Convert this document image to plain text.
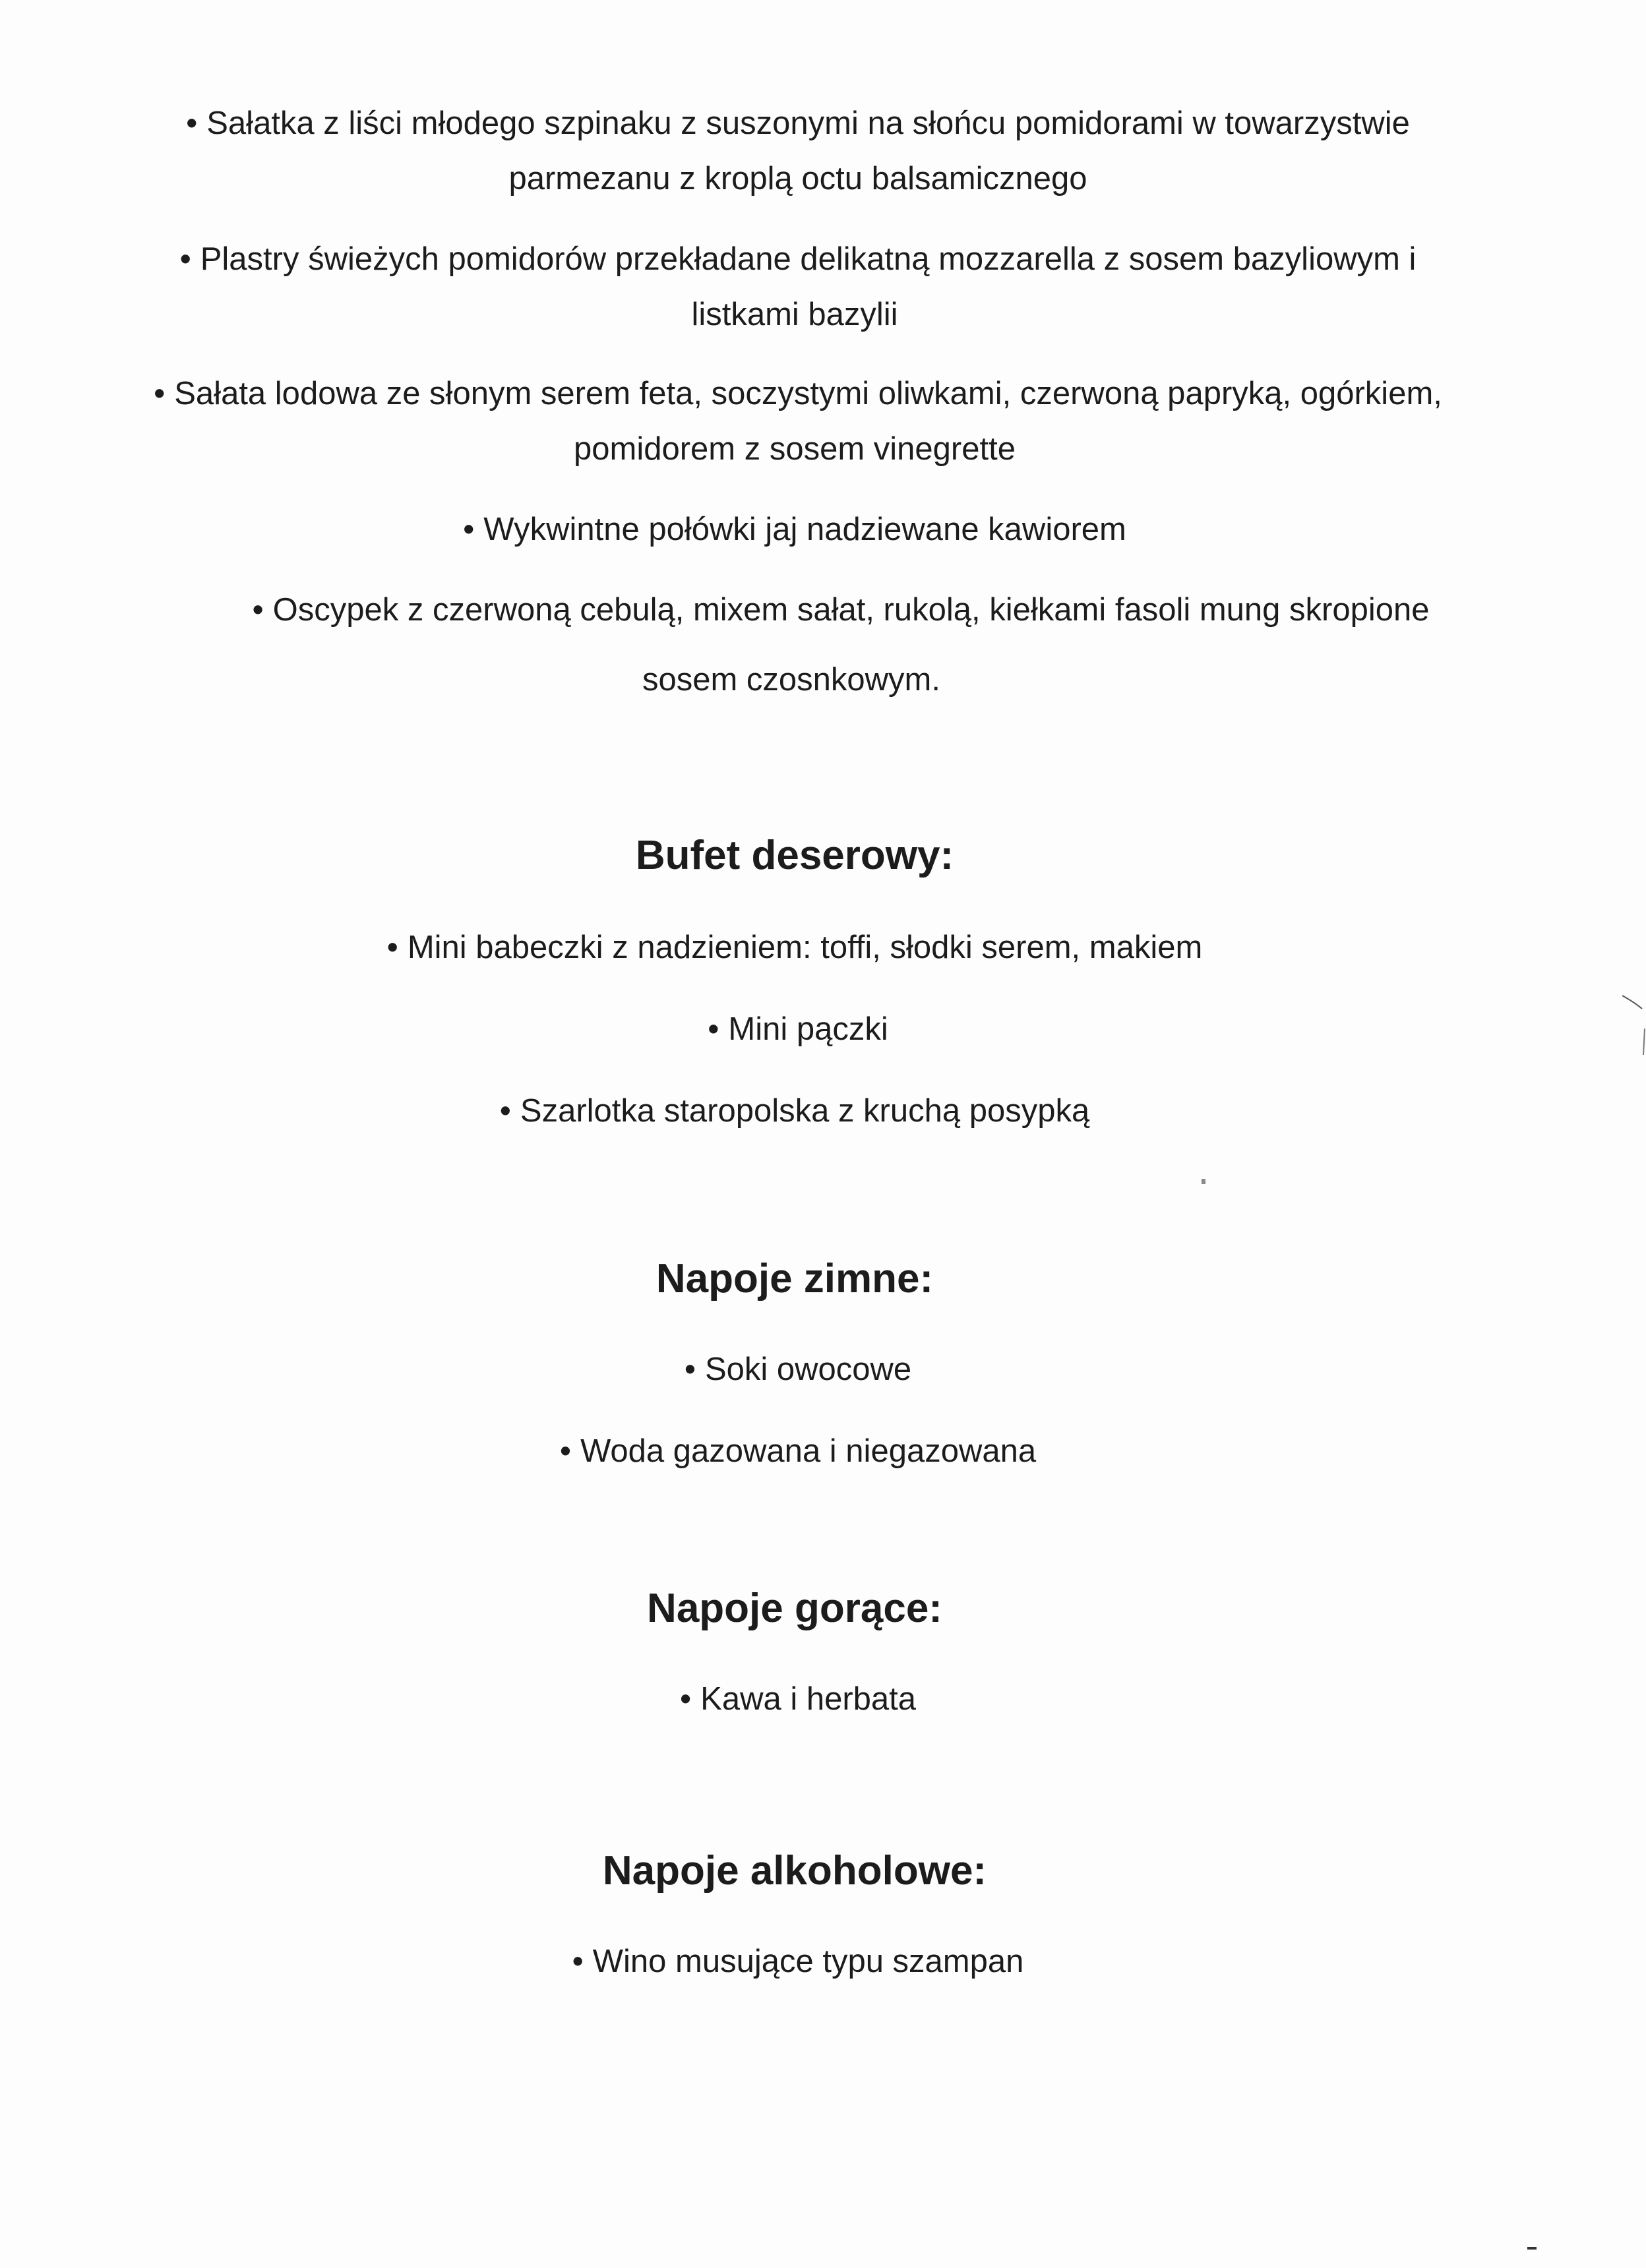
• Sałatka z liści młodego szpinaku z suszonymi na słońcu pomidorami w towarzystwie

parmezanu z kroplą octu balsamicznego

• Plastry świeżych pomidorów przekładane delikatną mozzarella z sosem bazyliowym i

listkami bazylii

• Sałata lodowa ze słonym serem feta, soczystymi oliwkami, czerwoną papryką, ogórkiem,

pomidorem z sosem vinegrette

• Wykwintne połówki jaj nadziewane kawiorem

• Oscypek z czerwoną cebulą, mixem sałat, rukolą, kiełkami fasoli mung skropione

sosem czosnkowym.

Bufet deserowy:

• Mini babeczki z nadzieniem: toffi, słodki serem, makiem

• Mini pączki

• Szarlotka staropolska z kruchą posypką

Napoje zimne:

• Soki owocowe

• Woda gazowana i niegazowana

Napoje gorące:

• Kawa i herbata

Napoje alkoholowe:

• Wino musujące typu szampan
